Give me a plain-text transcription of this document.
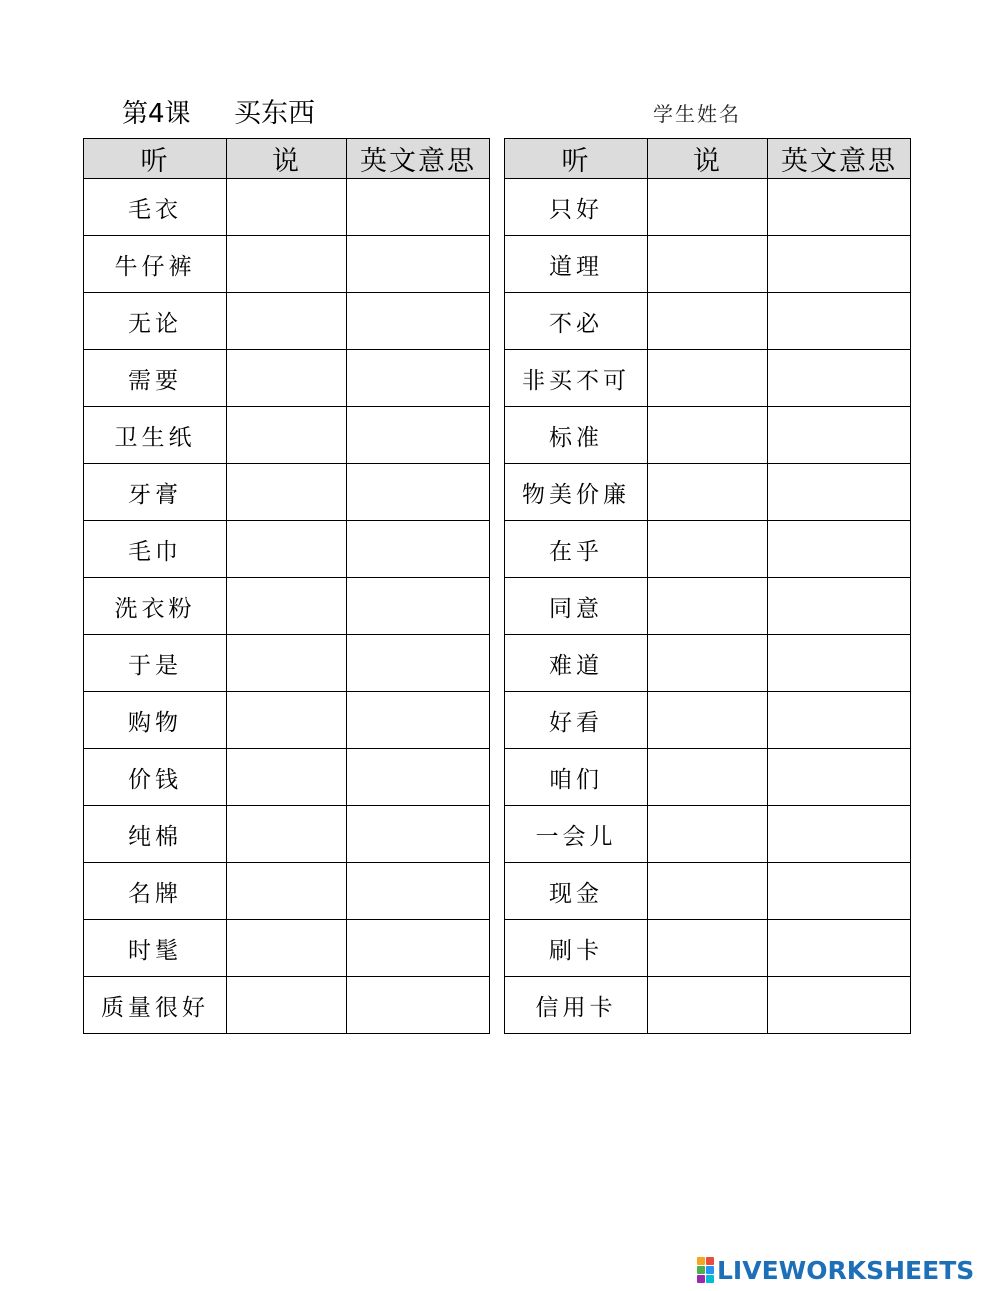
第4课 买东西	学生姓名
听	说	英文意思
毛衣		
牛仔裤		
无论		
需要		
卫生纸		
牙膏		
毛巾		
洗衣粉		
于是		
购物		
价钱		
纯棉		
名牌		
时髦		
质量很好		
听	说	英文意思
只好		
道理		
不必		
非买不可		
标准		
物美价廉		
在乎		
同意		
难道		
好看		
咱们		
一会儿		
现金		
刷卡		
信用卡		
LIVEWORKSHEETS
